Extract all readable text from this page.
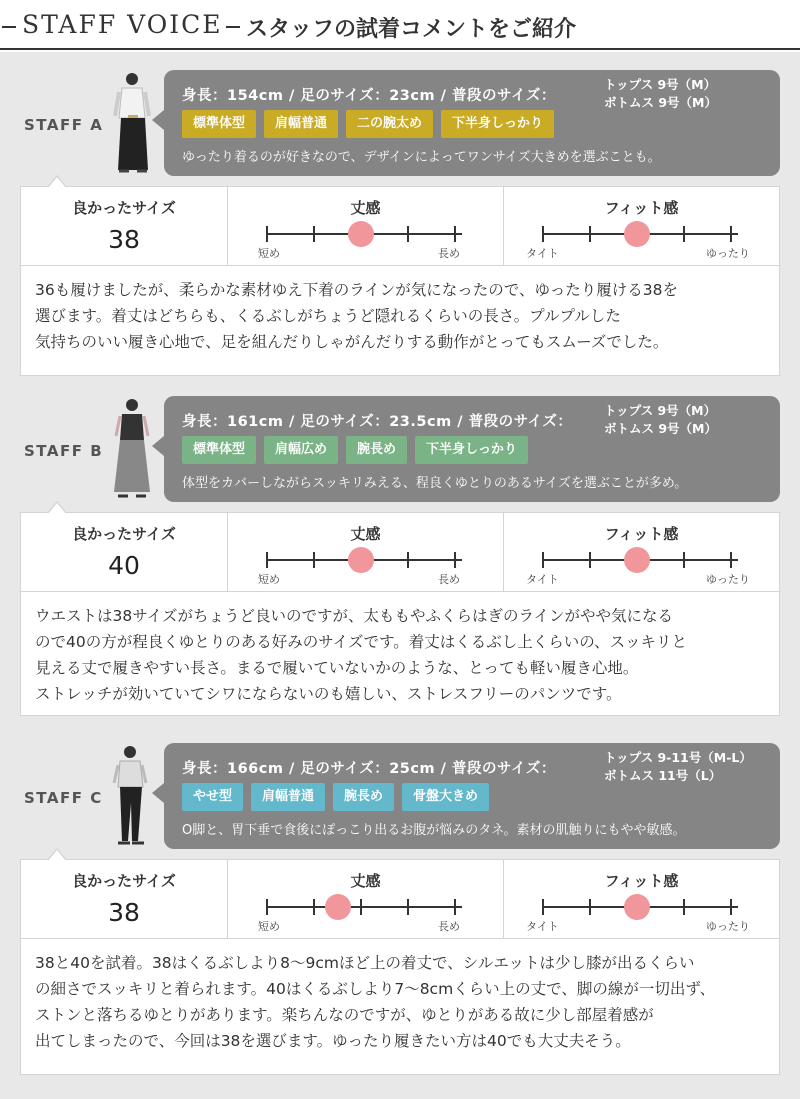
STAFF VOICE スタッフの試着コメントをご紹介
STAFF A
身長：154cm / 足のサイズ：23cm / 普段のサイズ：
トップス 9号（M）
ボトムス 9号（M）
標準体型	肩幅普通	二の腕太め	下半身しっかり
ゆったり着るのが好きなので、デザインによってワンサイズ大きめを選ぶことも。
良かったサイズ
38
丈感
短め	長め
フィット感
タイト	ゆったり
36も履けましたが、柔らかな素材ゆえ下着のラインが気になったので、ゆったり履ける38を
選びます。着丈はどちらも、くるぶしがちょうど隠れるくらいの長さ。プルプルした
気持ちのいい履き心地で、足を組んだりしゃがんだりする動作がとってもスムーズでした。
STAFF B
身長：161cm / 足のサイズ：23.5cm / 普段のサイズ：
トップス 9号（M）
ボトムス 9号（M）
標準体型	肩幅広め	腕長め	下半身しっかり
体型をカバーしながらスッキリみえる、程良くゆとりのあるサイズを選ぶことが多め。
良かったサイズ
40
丈感
短め	長め
フィット感
タイト	ゆったり
ウエストは38サイズがちょうど良いのですが、太ももやふくらはぎのラインがやや気になる
ので40の方が程良くゆとりのある好みのサイズです。着丈はくるぶし上くらいの、スッキリと
見える丈で履きやすい長さ。まるで履いていないかのような、とっても軽い履き心地。
ストレッチが効いていてシワにならないのも嬉しい、ストレスフリーのパンツです。
STAFF C
身長：166cm / 足のサイズ：25cm / 普段のサイズ：
トップス 9-11号（M-L）
ボトムス 11号（L）
やせ型	肩幅普通	腕長め	骨盤大きめ
O脚と、胃下垂で食後にぽっこり出るお腹が悩みのタネ。素材の肌触りにもやや敏感。
良かったサイズ
38
丈感
短め	長め
フィット感
タイト	ゆったり
38と40を試着。38はくるぶしより8〜9cmほど上の着丈で、シルエットは少し膝が出るくらい
の細さでスッキリと着られます。40はくるぶしより7〜8cmくらい上の丈で、脚の線が一切出ず、
ストンと落ちるゆとりがあります。楽ちんなのですが、ゆとりがある故に少し部屋着感が
出てしまったので、今回は38を選びます。ゆったり履きたい方は40でも大丈夫そう。
